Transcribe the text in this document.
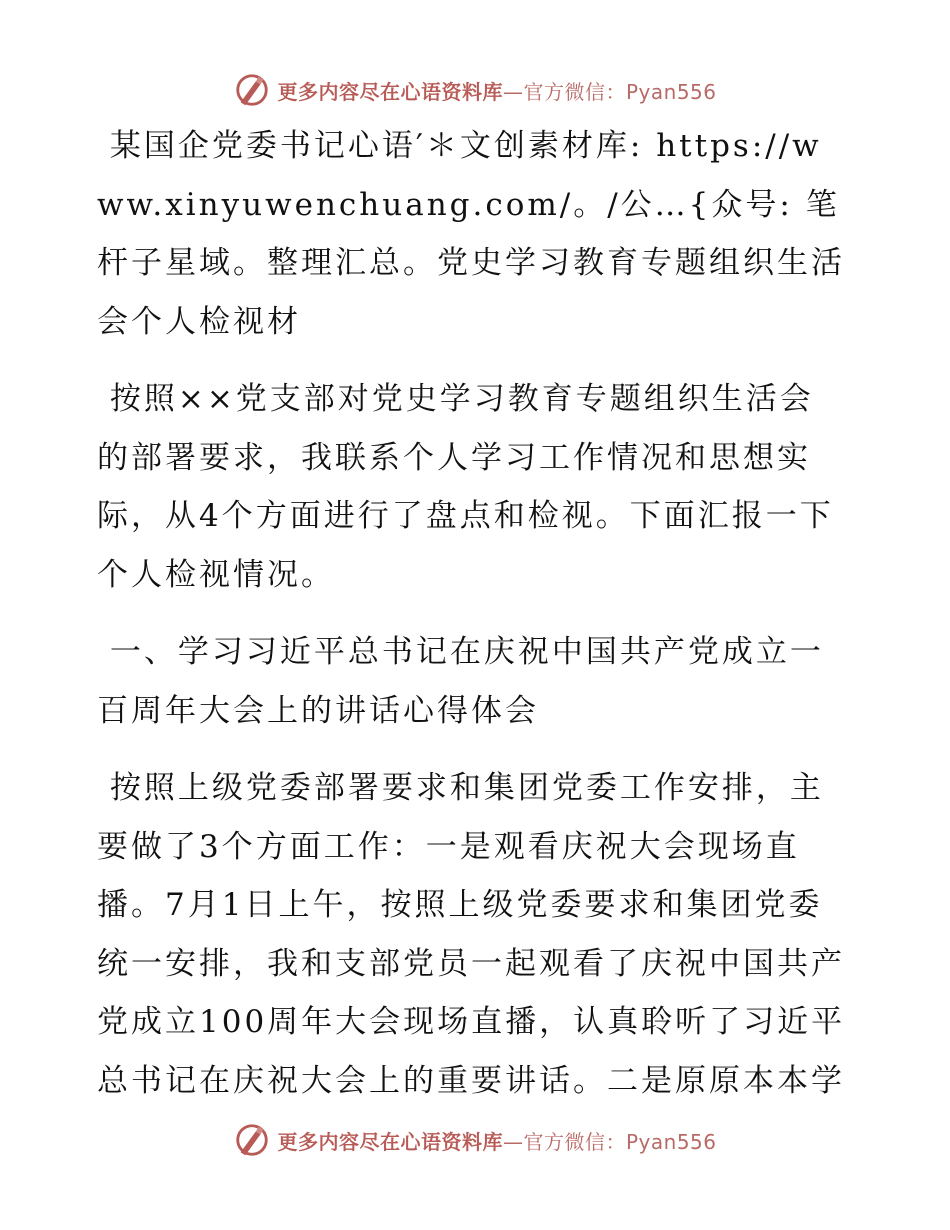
更多内容尽在心语资料库—官方微信：Pyan556

某国企党委书记心语′＊文创素材库: https://www.xinyuwenchuang.com/。/公…{众号: 笔杆子星域。整理汇总。党史学习教育专题组织生活会个人检视材

按照××党支部对党史学习教育专题组织生活会的部署要求，我联系个人学习工作情况和思想实际，从4个方面进行了盘点和检视。下面汇报一下个人检视情况。

一、学习习近平总书记在庆祝中国共产党成立一百周年大会上的讲话心得体会

按照上级党委部署要求和集团党委工作安排，主要做了3个方面工作：一是观看庆祝大会现场直播。7月1日上午，按照上级党委要求和集团党委统一安排，我和支部党员一起观看了庆祝中国共产党成立100周年大会现场直播，认真聆听了习近平总书记在庆祝大会上的重要讲话。二是原原本本学

更多内容尽在心语资料库—官方微信：Pyan556
